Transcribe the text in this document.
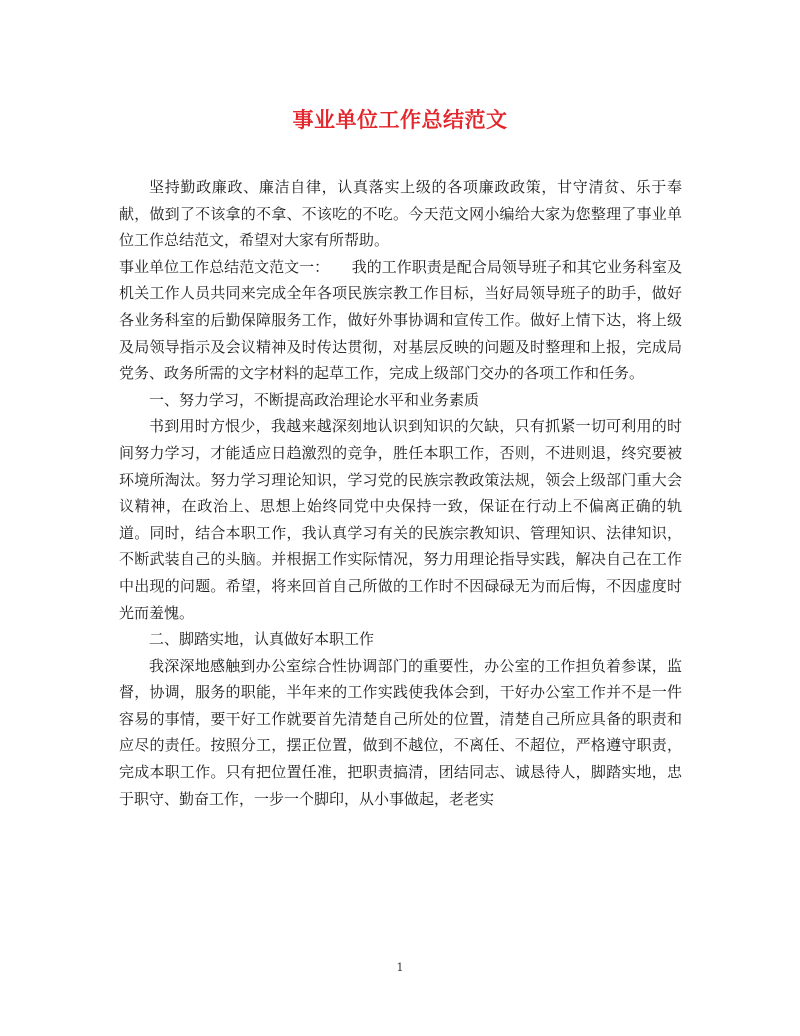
事业单位工作总结范文

坚持勤政廉政、廉洁自律，认真落实上级的各项廉政政策，甘守清贫、乐于奉献，做到了不该拿的不拿、不该吃的不吃。今天范文网小编给大家为您整理了事业单位工作总结范文，希望对大家有所帮助。

事业单位工作总结范文范文一：　　我的工作职责是配合局领导班子和其它业务科室及机关工作人员共同来完成全年各项民族宗教工作目标，当好局领导班子的助手，做好各业务科室的后勤保障服务工作，做好外事协调和宣传工作。做好上情下达，将上级及局领导指示及会议精神及时传达贯彻，对基层反映的问题及时整理和上报，完成局党务、政务所需的文字材料的起草工作，完成上级部门交办的各项工作和任务。

一、努力学习，不断提高政治理论水平和业务素质

书到用时方恨少，我越来越深刻地认识到知识的欠缺，只有抓紧一切可利用的时间努力学习，才能适应日趋激烈的竞争，胜任本职工作，否则，不进则退，终究要被环境所淘汰。努力学习理论知识，学习党的民族宗教政策法规，领会上级部门重大会议精神，在政治上、思想上始终同党中央保持一致，保证在行动上不偏离正确的轨道。同时，结合本职工作，我认真学习有关的民族宗教知识、管理知识、法律知识，不断武装自己的头脑。并根据工作实际情况，努力用理论指导实践，解决自己在工作中出现的问题。希望，将来回首自己所做的工作时不因碌碌无为而后悔，不因虚度时光而羞愧。

二、脚踏实地，认真做好本职工作

我深深地感触到办公室综合性协调部门的重要性，办公室的工作担负着参谋，监督，协调，服务的职能，半年来的工作实践使我体会到，干好办公室工作并不是一件容易的事情，要干好工作就要首先清楚自己所处的位置，清楚自己所应具备的职责和应尽的责任。按照分工，摆正位置，做到不越位，不离任、不超位，严格遵守职责，完成本职工作。只有把位置任准，把职责搞清，团结同志、诚恳待人，脚踏实地，忠于职守、勤奋工作，一步一个脚印，从小事做起，老老实

1
